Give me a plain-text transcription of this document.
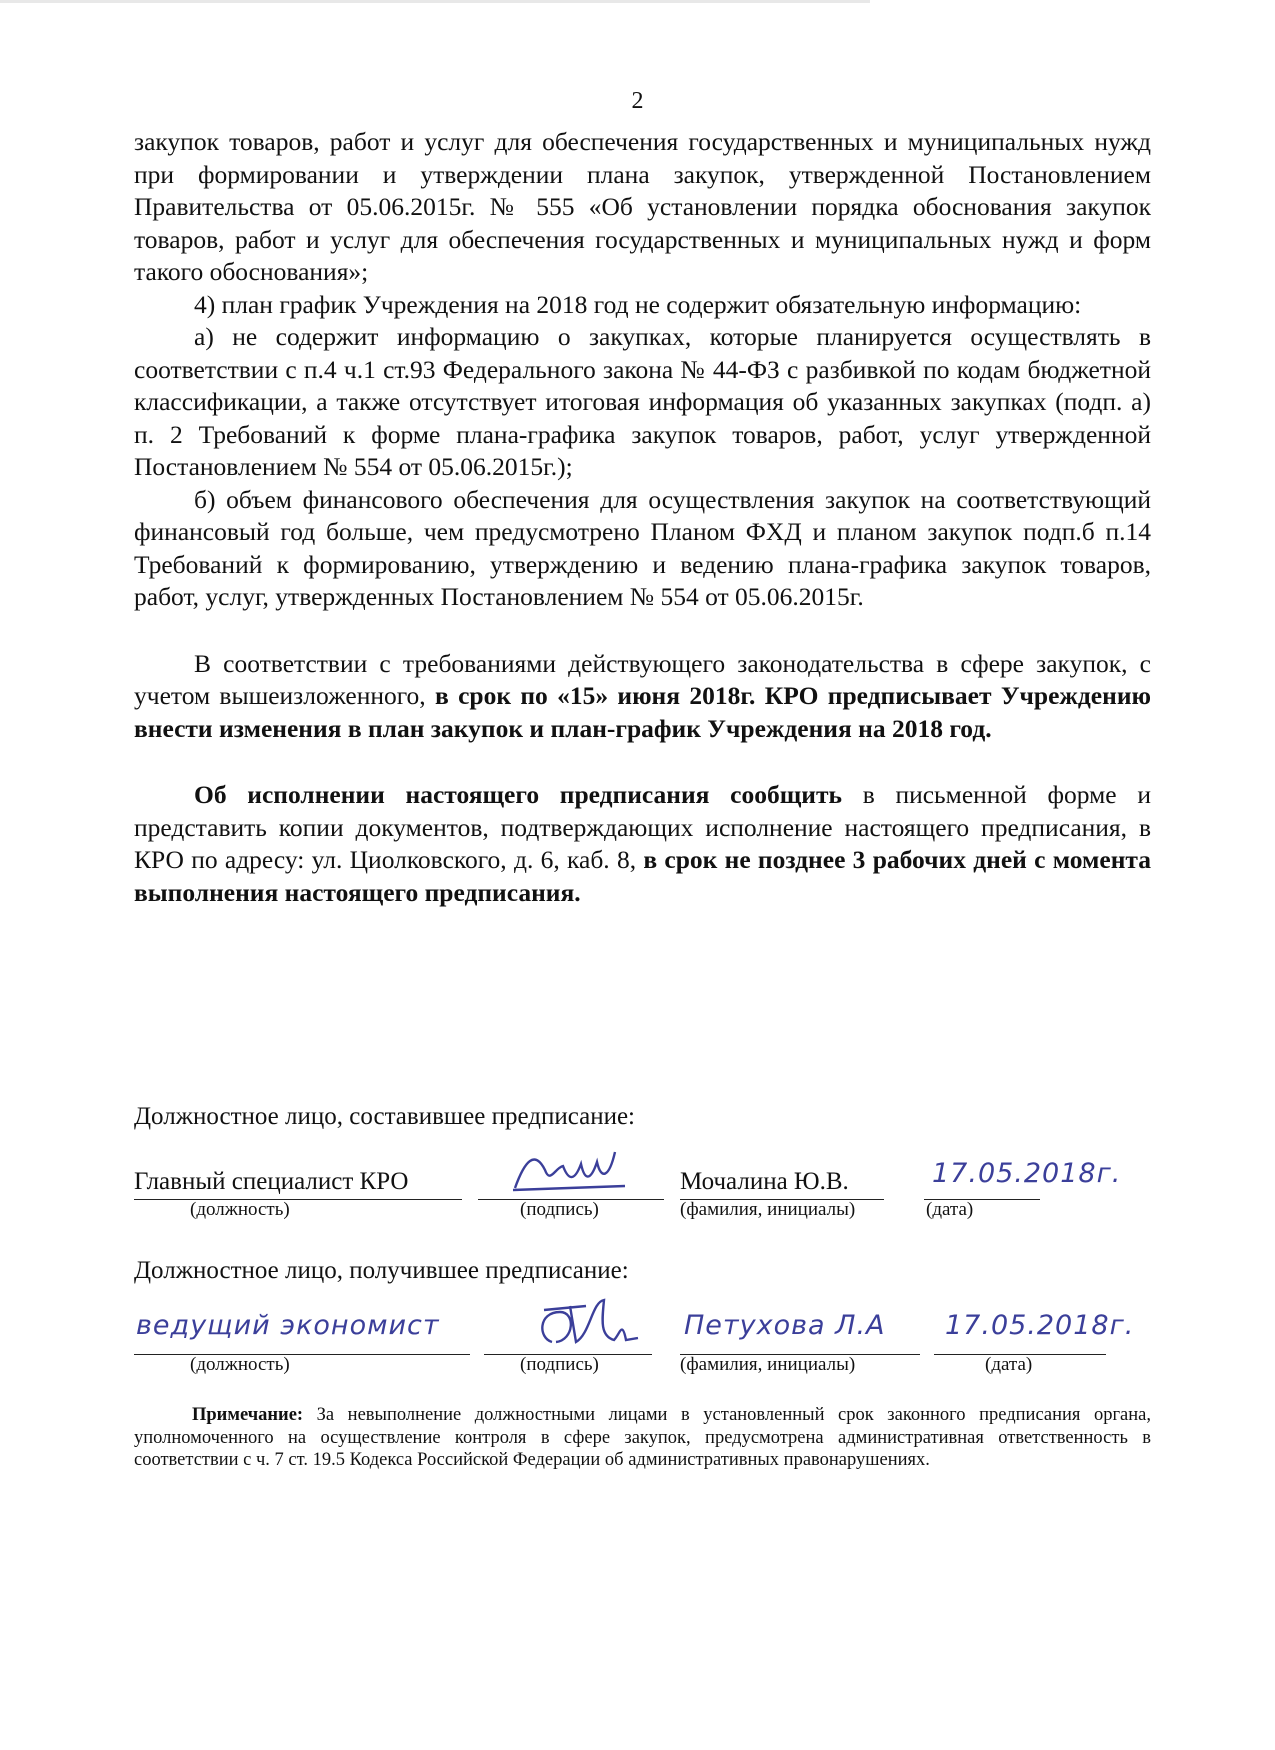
2

закупок товаров, работ и услуг для обеспечения государственных и муниципальных нужд при формировании и утверждении плана закупок, утвержденной Постановлением Правительства от 05.06.2015г. № 555 «Об установлении порядка обоснования закупок товаров, работ и услуг для обеспечения государственных и муниципальных нужд и форм такого обоснования»;

4) план график Учреждения на 2018 год не содержит обязательную информацию:

а) не содержит информацию о закупках, которые планируется осуществлять в соответствии с п.4 ч.1 ст.93 Федерального закона № 44-ФЗ с разбивкой по кодам бюджетной классификации, а также отсутствует итоговая информация об указанных закупках (подп. а) п. 2 Требований к форме плана-графика закупок товаров, работ, услуг утвержденной Постановлением № 554 от 05.06.2015г.);

б) объем финансового обеспечения для осуществления закупок на соответствующий финансовый год больше, чем предусмотрено Планом ФХД и планом закупок подп.б п.14 Требований к формированию, утверждению и ведению плана-графика закупок товаров, работ, услуг, утвержденных Постановлением № 554 от 05.06.2015г.

В соответствии с требованиями действующего законодательства в сфере закупок, с учетом вышеизложенного, в срок по «15» июня 2018г. КРО предписывает Учреждению внести изменения в план закупок и план-график Учреждения на 2018 год.

Об исполнении настоящего предписания сообщить в письменной форме и представить копии документов, подтверждающих исполнение настоящего предписания, в КРО по адресу: ул. Циолковского, д. 6, каб. 8, в срок не позднее 3 рабочих дней с момента выполнения настоящего предписания.

Должностное лицо, составившее предписание:
Главный специалист КРО	Мочалина Ю.В.	17.05.2018г.
(должность)	(подпись)	(фамилия, инициалы)	(дата)
Должностное лицо, получившее предписание:
ведущий экономист	Петухова Л.А 17.05.2018г.
(должность)	(подпись)	(фамилия, инициалы)	(дата)

Примечание: За невыполнение должностными лицами в установленный срок законного предписания органа, уполномоченного на осуществление контроля в сфере закупок, предусмотрена административная ответственность в соответствии с ч. 7 ст. 19.5 Кодекса Российской Федерации об административных правонарушениях.
